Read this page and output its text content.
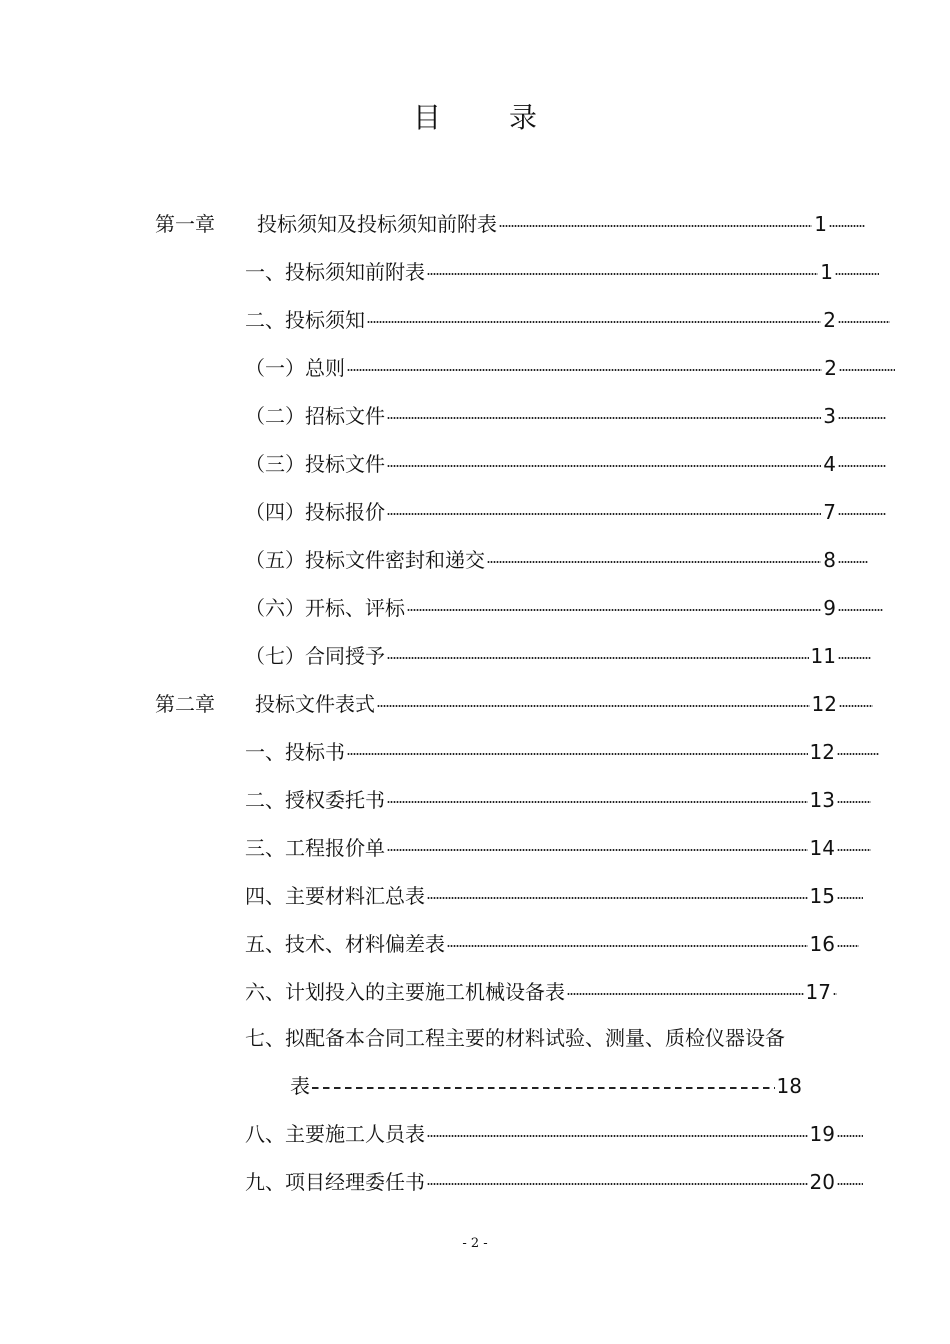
目 录
第一章	投标须知及投标须知前附表	1
一、投标须知前附表	1
二、投标须知	2
（一）总则	2
（二）招标文件	3
（三）投标文件	4
（四）投标报价	7
（五）投标文件密封和递交	8
（六）开标、评标	9
（七）合同授予	11
第二章	投标文件表式	12
一、投标书	12
二、授权委托书	13
三、工程报价单	14
四、主要材料汇总表	15
五、技术、材料偏差表	16
六、计划投入的主要施工机械设备表	17
七、拟配备本合同工程主要的材料试验、测量、质检仪器设备
表	18
八、主要施工人员表	19
九、项目经理委任书	20
- 2 -
